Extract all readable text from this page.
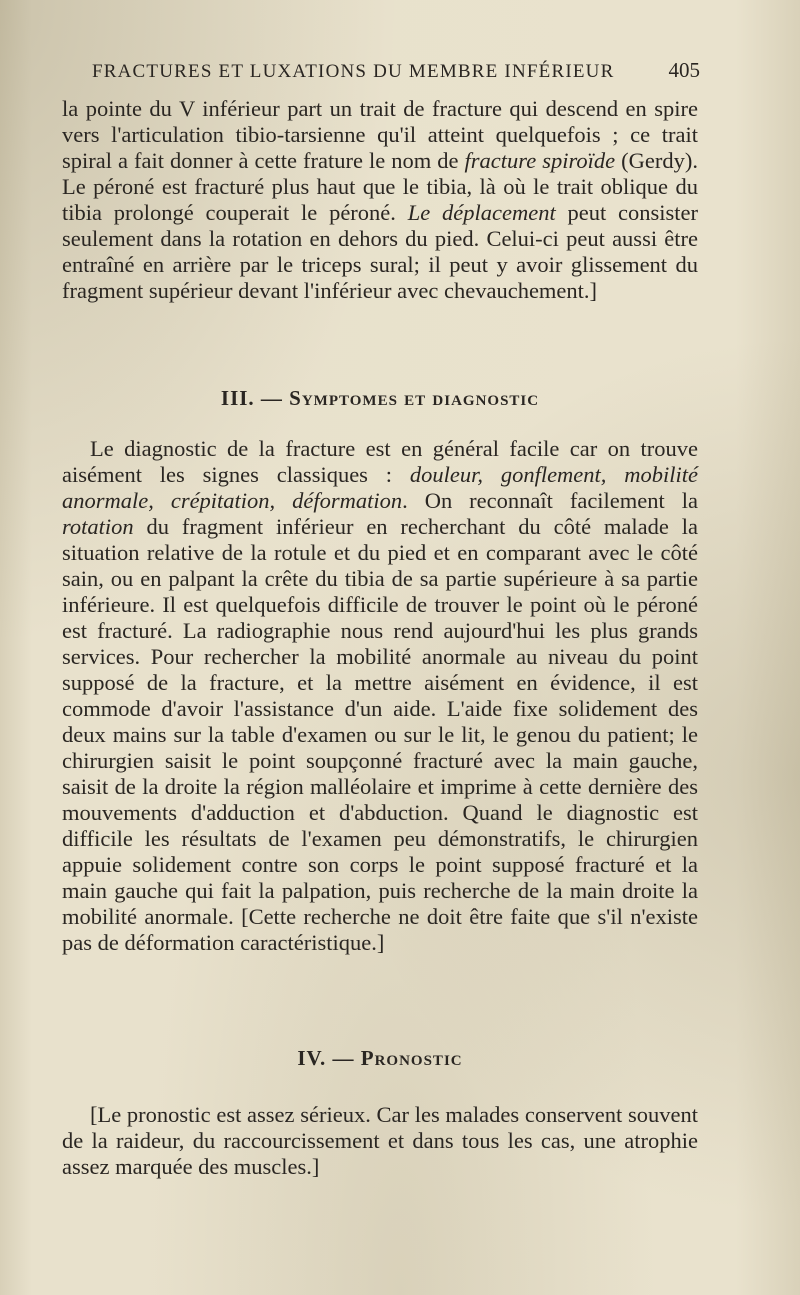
FRACTURES ET LUXATIONS DU MEMBRE INFÉRIEUR	405

la pointe du V inférieur part un trait de fracture qui descend en spire vers l'articulation tibio-tarsienne qu'il atteint quelquefois ; ce trait spiral a fait donner à cette frature le nom de fracture spiroïde (Gerdy). Le péroné est fracturé plus haut que le tibia, là où le trait oblique du tibia prolongé couperait le péroné. Le déplacement peut consister seulement dans la rotation en dehors du pied. Celui-ci peut aussi être entraîné en arrière par le triceps sural; il peut y avoir glissement du fragment supérieur devant l'inférieur avec chevauchement.]

III. — Symptomes et diagnostic

Le diagnostic de la fracture est en général facile car on trouve aisément les signes classiques : douleur, gonflement, mobilité anormale, crépitation, déformation. On reconnaît facilement la rotation du fragment inférieur en recherchant du côté malade la situation relative de la rotule et du pied et en comparant avec le côté sain, ou en palpant la crête du tibia de sa partie supérieure à sa partie inférieure. Il est quelquefois difficile de trouver le point où le péroné est fracturé. La radiographie nous rend aujourd'hui les plus grands services. Pour rechercher la mobilité anormale au niveau du point supposé de la fracture, et la mettre aisément en évidence, il est commode d'avoir l'assistance d'un aide. L'aide fixe solidement des deux mains sur la table d'examen ou sur le lit, le genou du patient; le chirurgien saisit le point soupçonné fracturé avec la main gauche, saisit de la droite la région malléolaire et imprime à cette dernière des mouvements d'adduction et d'abduction. Quand le diagnostic est difficile les résultats de l'examen peu démonstratifs, le chirurgien appuie solidement contre son corps le point supposé fracturé et la main gauche qui fait la palpation, puis recherche de la main droite la mobilité anormale. [Cette recherche ne doit être faite que s'il n'existe pas de déformation caractéristique.]

IV. — Pronostic

[Le pronostic est assez sérieux. Car les malades conservent souvent de la raideur, du raccourcissement et dans tous les cas, une atrophie assez marquée des muscles.]
